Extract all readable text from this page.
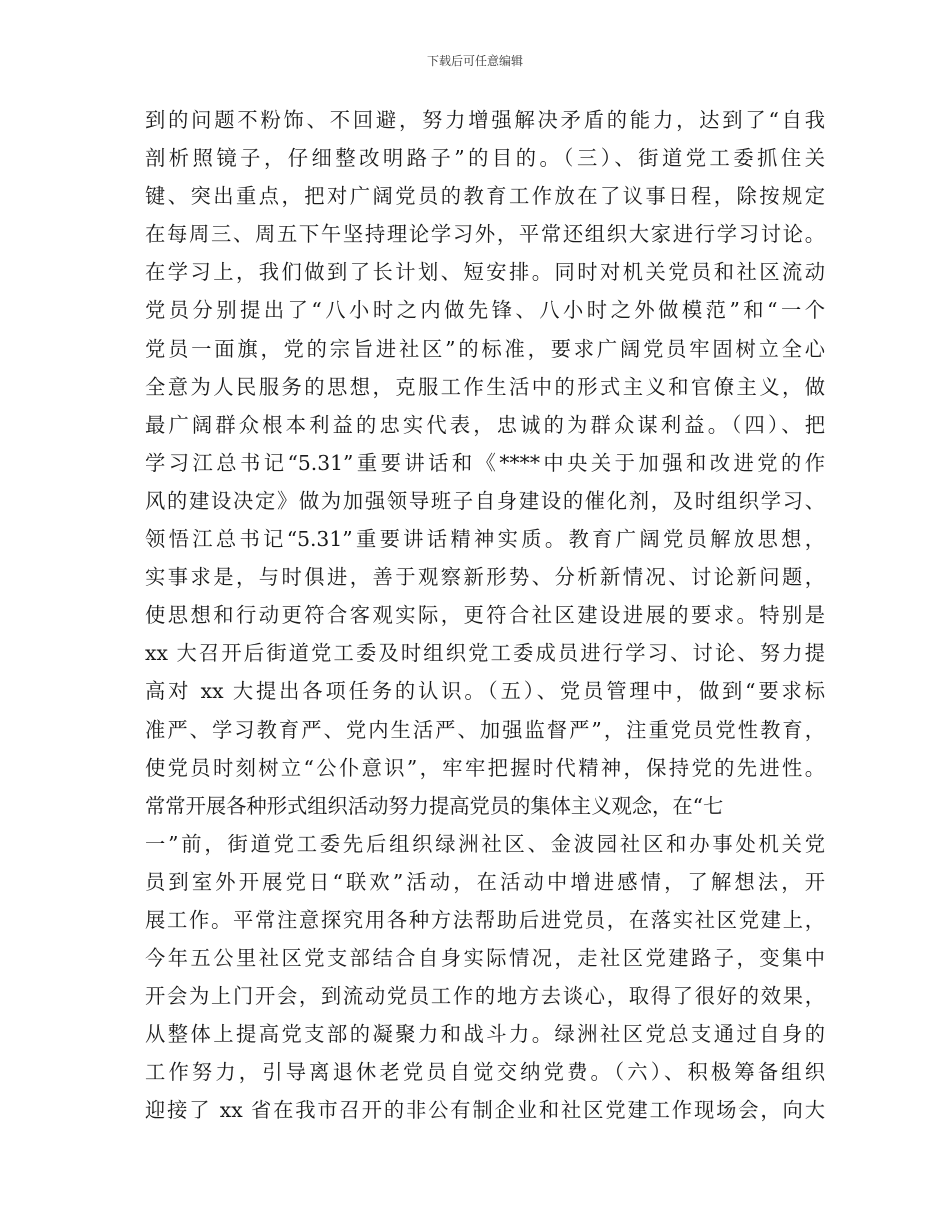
下载后可任意编辑
到的问题不粉饰、不回避，努力增强解决矛盾的能力，达到了“自我
剖析照镜子，仔细整改明路子”的目的。（三）、街道党工委抓住关
键、突出重点，把对广阔党员的教育工作放在了议事日程，除按规定
在每周三、周五下午坚持理论学习外，平常还组织大家进行学习讨论。
在学习上，我们做到了长计划、短安排。同时对机关党员和社区流动
党员分别提出了“八小时之内做先锋、八小时之外做模范”和“一个
党员一面旗，党的宗旨进社区”的标准，要求广阔党员牢固树立全心
全意为人民服务的思想，克服工作生活中的形式主义和官僚主义，做
最广阔群众根本利益的忠实代表，忠诚的为群众谋利益。（四）、把
学习江总书记“5.31”重要讲话和《****中央关于加强和改进党的作
风的建设决定》做为加强领导班子自身建设的催化剂，及时组织学习、
领悟江总书记“5.31”重要讲话精神实质。教育广阔党员解放思想，
实事求是，与时俱进，善于观察新形势、分析新情况、讨论新问题，
使思想和行动更符合客观实际，更符合社区建设进展的要求。特别是
xx 大召开后街道党工委及时组织党工委成员进行学习、讨论、努力提
高对 xx 大提出各项任务的认识。（五）、党员管理中，做到“要求标
准严、学习教育严、党内生活严、加强监督严”，注重党员党性教育，
使党员时刻树立“公仆意识”，牢牢把握时代精神，保持党的先进性。
常常开展各种形式组织活动努力提高党员的集体主义观念，在“七
一”前，街道党工委先后组织绿洲社区、金波园社区和办事处机关党
员到室外开展党日“联欢”活动，在活动中增进感情，了解想法，开
展工作。平常注意探究用各种方法帮助后进党员，在落实社区党建上，
今年五公里社区党支部结合自身实际情况，走社区党建路子，变集中
开会为上门开会，到流动党员工作的地方去谈心，取得了很好的效果，
从整体上提高党支部的凝聚力和战斗力。绿洲社区党总支通过自身的
工作努力，引导离退休老党员自觉交纳党费。（六）、积极筹备组织
迎接了 xx 省在我市召开的非公有制企业和社区党建工作现场会，向大
